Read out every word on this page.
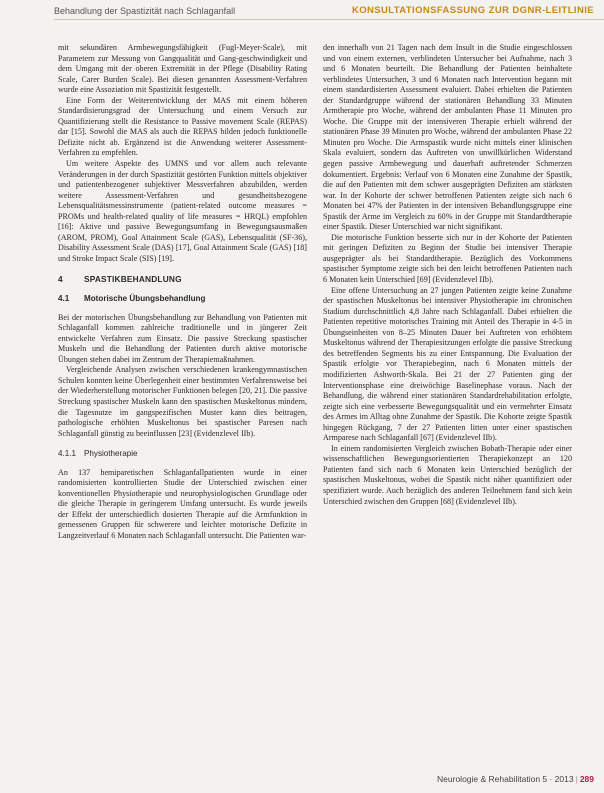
Behandlung der Spastizität nach Schlaganfall	KONSULTATIONSFASSUNG ZUR DGNR-LEITLINIE

mit sekundären Armbewegungsfähigkeit (Fugl-Meyer-Scale), mit Parametern zur Messung von Gangqualität und Gang-geschwindigkeit und dem Umgang mit der oberen Extremität in der Pflege (Disability Rating Scale, Carer Burden Scale). Bei diesen genannten Assessment-Verfahren wurde eine Assoziation mit Spastizität festgestellt.

Eine Form der Weiterentwicklung der MAS mit einem höheren Standardisierungsgrad der Untersuchung und einem Versuch zur Quantifizierung stellt die Resistance to Passive movement Scale (REPAS) dar [15]. Sowohl die MAS als auch die REPAS bilden jedoch funktionelle Defizite nicht ab. Ergänzend ist die Anwendung weiterer Assessment-Verfahren zu empfehlen.

Um weitere Aspekte des UMNS und vor allem auch relevante Veränderungen in der durch Spastizität gestörten Funktion mittels objektiver und patientenbezogener subjektiver Messverfahren abzubilden, werden weitere Assessment-Verfahren und gesundheitsbezogene Lebensqualitätsmessinstrumente (patient-related outcome measures = PROMs und health-related quality of life measures = HRQL) empfohlen [16]: Aktive und passive Bewegungsumfang in Bewegungsausmaßen (AROM, PROM), Goal Attainment Scale (GAS), Lebensqualität (SF-36), Disability Assessment Scale (DAS) [17], Goal Attainment Scale (GAS) [18] und Stroke Impact Scale (SIS) [19].

4	SPASTIKBEHANDLUNG
4.1 Motorische Übungsbehandlung

Bei der motorischen Übungsbehandlung zur Behandlung von Patienten mit Schlaganfall kommen zahlreiche traditionelle und in jüngerer Zeit entwickelte Verfahren zum Einsatz. Die passive Streckung spastischer Muskeln und die Behandlung der Patienten durch aktive motorische Übungen stehen dabei im Zentrum der Therapiemaßnahmen.

Vergleichende Analysen zwischen verschiedenen krankengymnastischen Schulen konnten keine Überlegenheit einer bestimmten Verfahrensweise bei der Wiederherstellung motorischer Funktionen belegen [20, 21]. Die passive Streckung spastischer Muskeln kann den spastischen Muskeltonus mindern, die Tagesnutze im gangspezifischen Muster kann dies beitragen, pathologische erhöhten Muskeltonus bei spastischer Paresen nach Schlaganfall günstig zu beeinflussen [23] (Evidenzlevel IIb).

4.1.1 Physiotherapie

An 137 hemiparetischen Schlaganfallpatienten wurde in einer randomisierten kontrollierten Studie der Unterschied zwischen einer konventionellen Physiotherapie und neurophysiologischen Grundlage oder die gleiche Therapie in geringerem Umfang untersucht. Es wurde jeweils der Effekt der unterschiedlich dosierten Therapie auf die Armfunktion in gemessenen Gruppen für schwerere und leichter motorische Defizite in Langzeitverlauf 6 Monaten nach Schlaganfall untersucht. Die Patienten war-

den innerhalb von 21 Tagen nach dem Insult in die Studie eingeschlossen und von einem externen, verblindeten Untersucher bei Aufnahme, nach 3 und 6 Monaten beurteilt. Die Behandlung der Patienten beinhaltete verblindetes Untersuchen, 3 und 6 Monaten nach Intervention begann mit einem standardisierten Assessment evaluiert. Dabei erhielten die Patienten der Standardgruppe während der stationären Behandlung 33 Minuten Armtherapie pro Woche, während der ambulanten Phase 11 Minuten pro Woche. Die Gruppe mit der intensiveren Therapie erhielt während der stationären Phase 39 Minuten pro Woche, während der ambulanten Phase 22 Minuten pro Woche. Die Armspastik wurde nicht mittels einer klinischen Skala evaluiert, sondern das Auftreten von unwillkürlichen Widerstand gegen passive Armbewegung und dauerhaft auftretender Schmerzen dokumentiert. Ergebnis: Verlauf von 6 Monaten eine Zunahme der Spastik, die auf den Patienten mit dem schwer ausgeprägten Defiziten am stärksten war. In der Kohorte der schwer betroffenen Patienten zeigte sich nach 6 Monaten bei 47% der Patienten in der intensiven Behandlungsgruppe eine Spastik der Arme im Vergleich zu 60% in der Gruppe mit Standardtherapie einer Spastik. Dieser Unterschied war nicht signifikant.

Die motorische Funktion besserte sich nur in der Kohorte der Patienten mit geringen Defiziten zu Beginn der Studie bei intensiver Therapie ausgeprägter als bei Standardtherapie. Bezüglich des Vorkommens spastischer Symptome zeigte sich bei den leicht betroffenen Patienten nach 6 Monaten kein Unterschied [69] (Evidenzlevel IIb).

Eine offene Untersuchung an 27 jungen Patienten zeigte keine Zunahme der spastischen Muskeltonus bei intensiver Physiotherapie im chronischen Stadium durchschnittlich 4,8 Jahre nach Schlaganfall. Dabei erhielten die Patienten repetitive motorisches Training mit Anteil des Therapie in 4-5 in Übungseinheiten von 8–25 Minuten Dauer bei Auftreten von erhöhtem Muskeltonus während der Therapiesitzungen erfolgte die passive Streckung des betreffenden Segments bis zu einer Entspannung. Die Evaluation der Spastik erfolgte vor Therapiebeginn, nach 6 Monaten mittels der modifizierten Ashworth-Skala. Bei 21 der 27 Patienten ging der Interventionsphase eine dreiwöchige Baselinephase voraus. Nach der Behandlung, die während einer stationären Standardrehabilitation erfolgte, zeigte sich eine verbesserte Bewegungsqualität und ein vermehrter Einsatz des Armes im Alltag ohne Zunahme der Spastik. Die Kohorte zeigte Spastik hingegen Rückgang, 7 der 27 Patienten litten unter einer spastischen Armparese nach Schlaganfall [67] (Evidenzlevel IIb).

In einem randomisierten Vergleich zwischen Bobath-Therapie oder einer wissenschaftlichen Bewegungsorientierten Therapiekonzept an 120 Patienten fand sich nach 6 Monaten kein Unterschied bezüglich der spastischen Muskeltonus, wobei die Spastik nicht näher quantifiziert oder spezifiziert wurde. Auch bezüglich des anderen Teilnehmern fand sich kein Unterschied zwischen den Gruppen [68] (Evidenzlevel IIb).

Neurologie & Rehabilitation 5 · 2013 | 289
